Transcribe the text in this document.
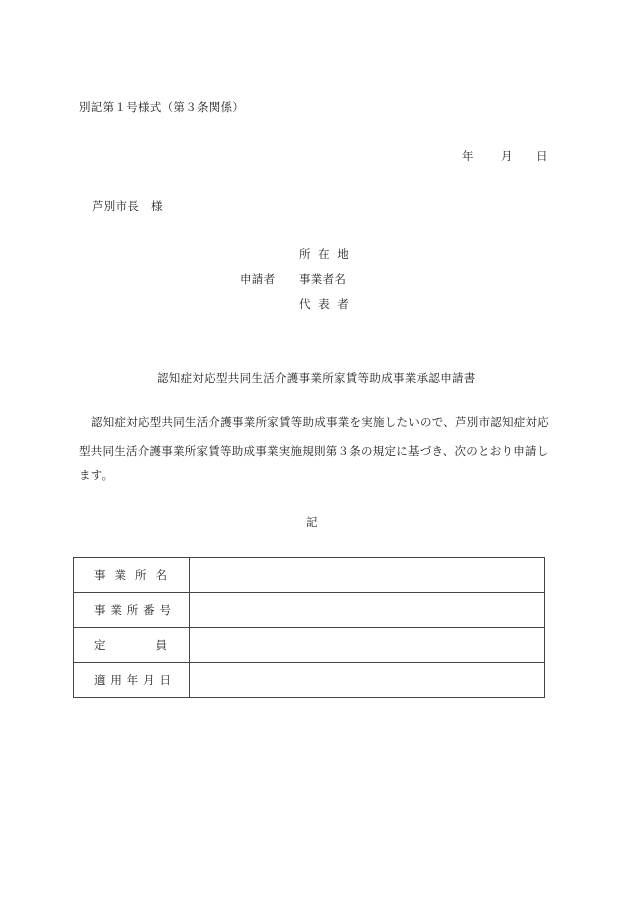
別記第１号様式（第３条関係）
年 月 日
芦別市長　様
申請者
所 在 地
事業者名
代 表 者
認知症対応型共同生活介護事業所家賃等助成事業承認申請書

認知症対応型共同生活介護事業所家賃等助成事業を実施したいので、芦別市認知症対応

型共同生活介護事業所家賃等助成事業実施規則第３条の規定に基づき、次のとおり申請し

ます。

記
事業所名	
事業所番号	
定員	
適用年月日	
